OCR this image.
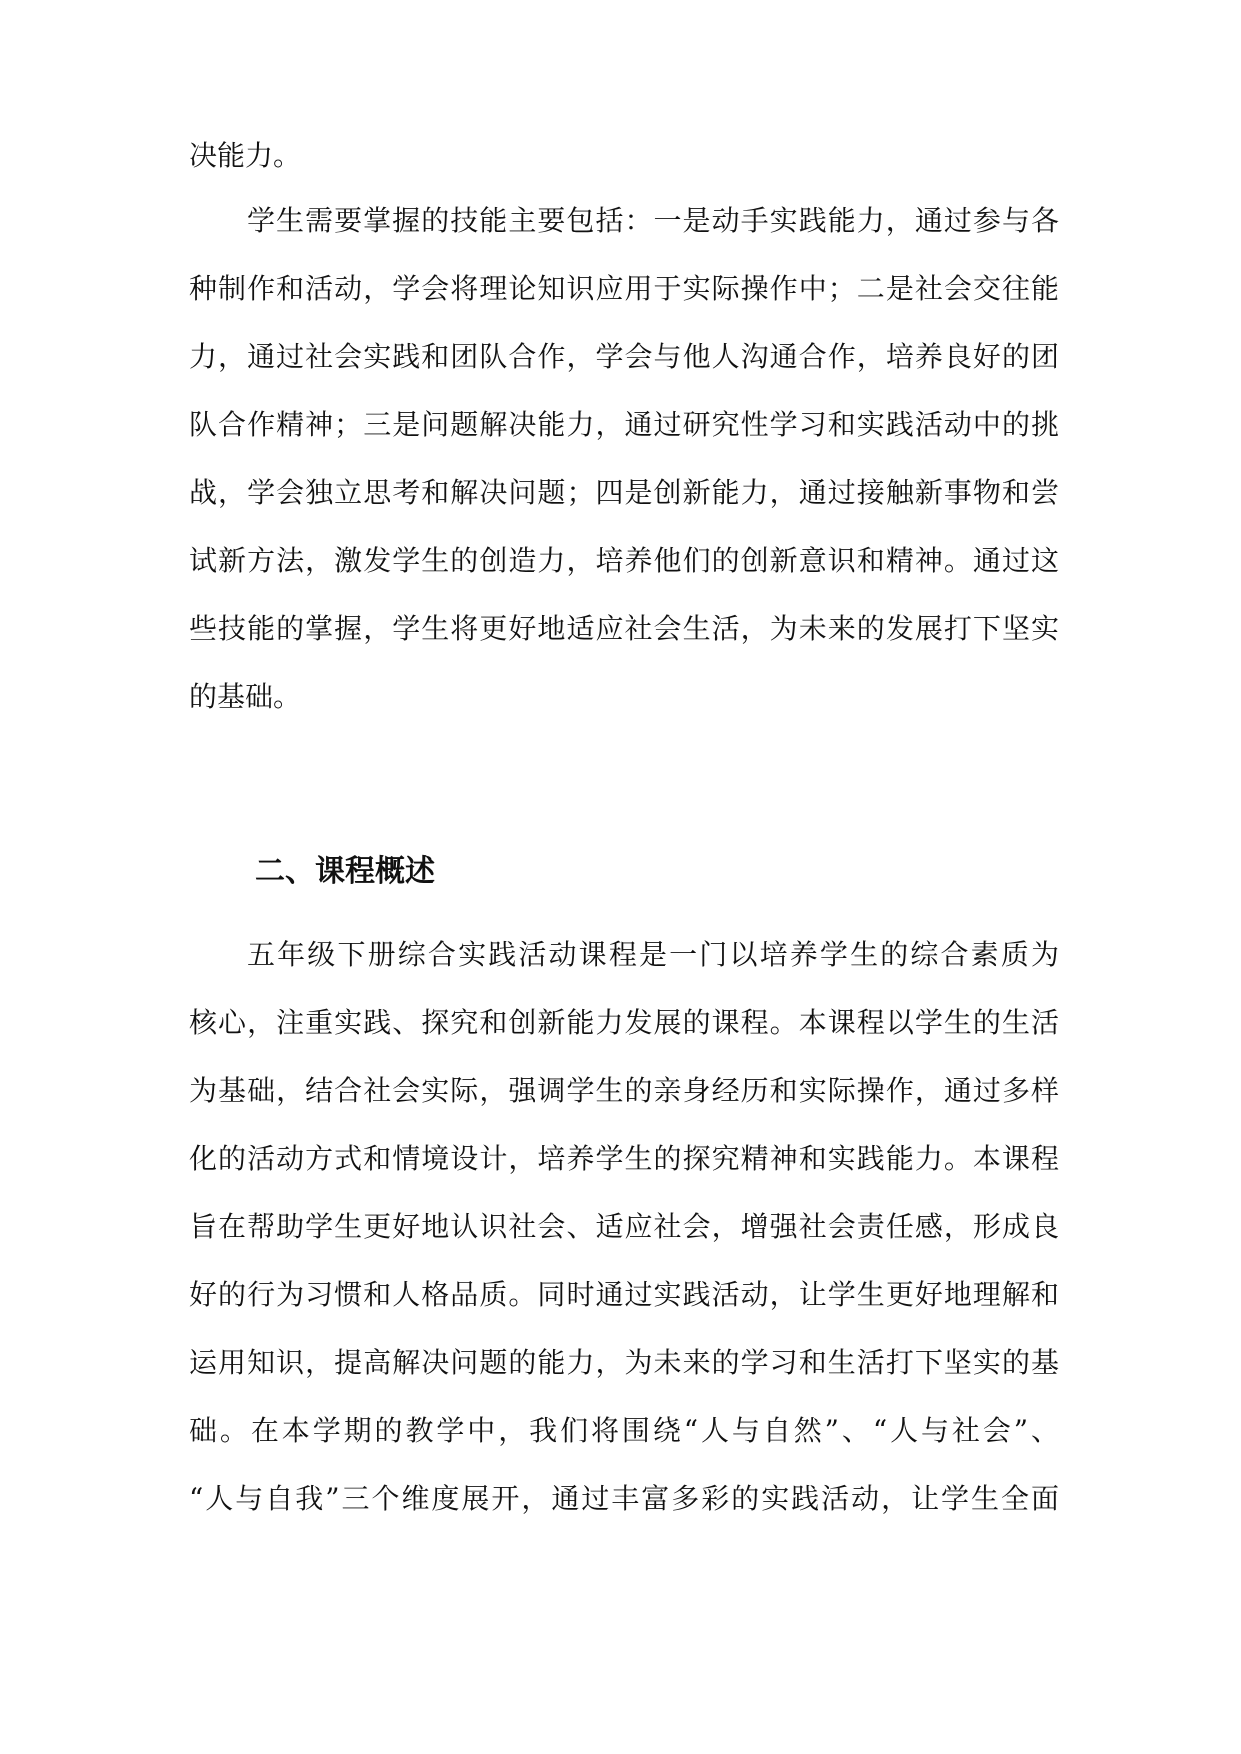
决能力。

学生需要掌握的技能主要包括：一是动手实践能力，通过参与各

种制作和活动，学会将理论知识应用于实际操作中；二是社会交往能

力，通过社会实践和团队合作，学会与他人沟通合作，培养良好的团

队合作精神；三是问题解决能力，通过研究性学习和实践活动中的挑

战，学会独立思考和解决问题；四是创新能力，通过接触新事物和尝

试新方法，激发学生的创造力，培养他们的创新意识和精神。通过这

些技能的掌握，学生将更好地适应社会生活，为未来的发展打下坚实

的基础。

二、课程概述

五年级下册综合实践活动课程是一门以培养学生的综合素质为

核心，注重实践、探究和创新能力发展的课程。本课程以学生的生活

为基础，结合社会实际，强调学生的亲身经历和实际操作，通过多样

化的活动方式和情境设计，培养学生的探究精神和实践能力。本课程

旨在帮助学生更好地认识社会、适应社会，增强社会责任感，形成良

好的行为习惯和人格品质。同时通过实践活动，让学生更好地理解和

运用知识，提高解决问题的能力，为未来的学习和生活打下坚实的基

础。在本学期的教学中，我们将围绕“人与自然”、“人与社会”、

“人与自我”三个维度展开，通过丰富多彩的实践活动，让学生全面
